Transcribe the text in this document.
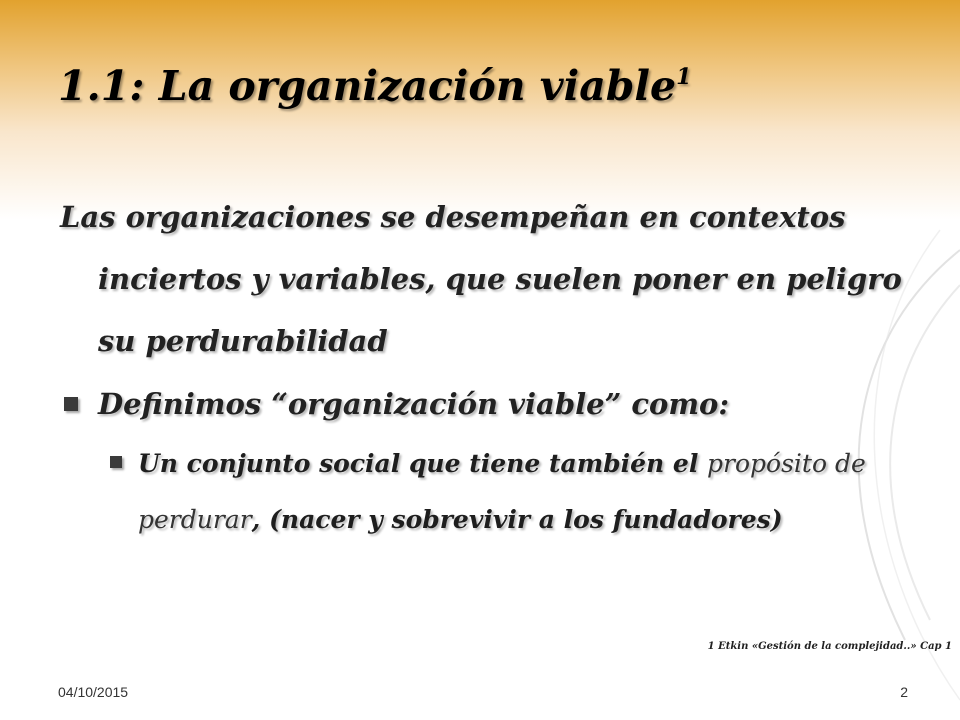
1.1: La organización viable$^1$

Las organizaciones se desempeñan en contextos inciertos y variables, que suelen poner en peligro su perdurabilidad

Definimos “organización viable” como:
Un conjunto social que tiene también el propósito de perdurar, (nacer y sobrevivir a los fundadores)

1 Etkin «Gestión de la complejidad..» Cap 1

04/10/2015	2
